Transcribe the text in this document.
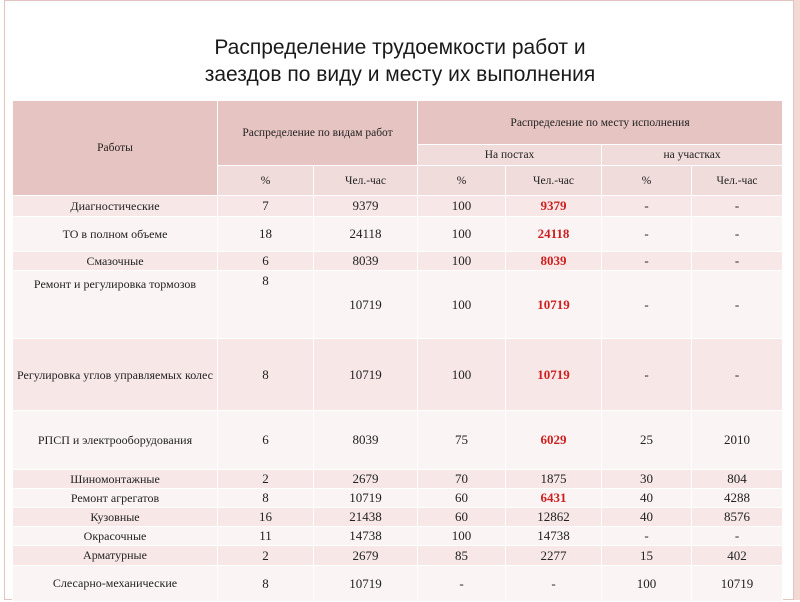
Распределение трудоемкости работ и
заездов по виду и месту их выполнения
Работы	Распределение по видам работ		Распределение по месту исполнения			
			На постах		на участках	
	%	Чел.-час	%	Чел.-час	%	Чел.-час
Диагностические	7	9379	100	9379	-	-
ТО в полном объеме	18	24118	100	24118	-	-
Смазочные	6	8039	100	8039	-	-
Ремонт и регулировка тормозов	8	10719	100	10719	-	-
Регулировка углов управляемых колес	8	10719	100	10719	-	-
РПСП и электрооборудования	6	8039	75	6029	25	2010
Шиномонтажные	2	2679	70	1875	30	804
Ремонт агрегатов	8	10719	60	6431	40	4288
Кузовные	16	21438	60	12862	40	8576
Окрасочные	11	14738	100	14738	-	-
Арматурные	2	2679	85	2277	15	402
Слесарно-механические	8	10719	-	-	100	10719
